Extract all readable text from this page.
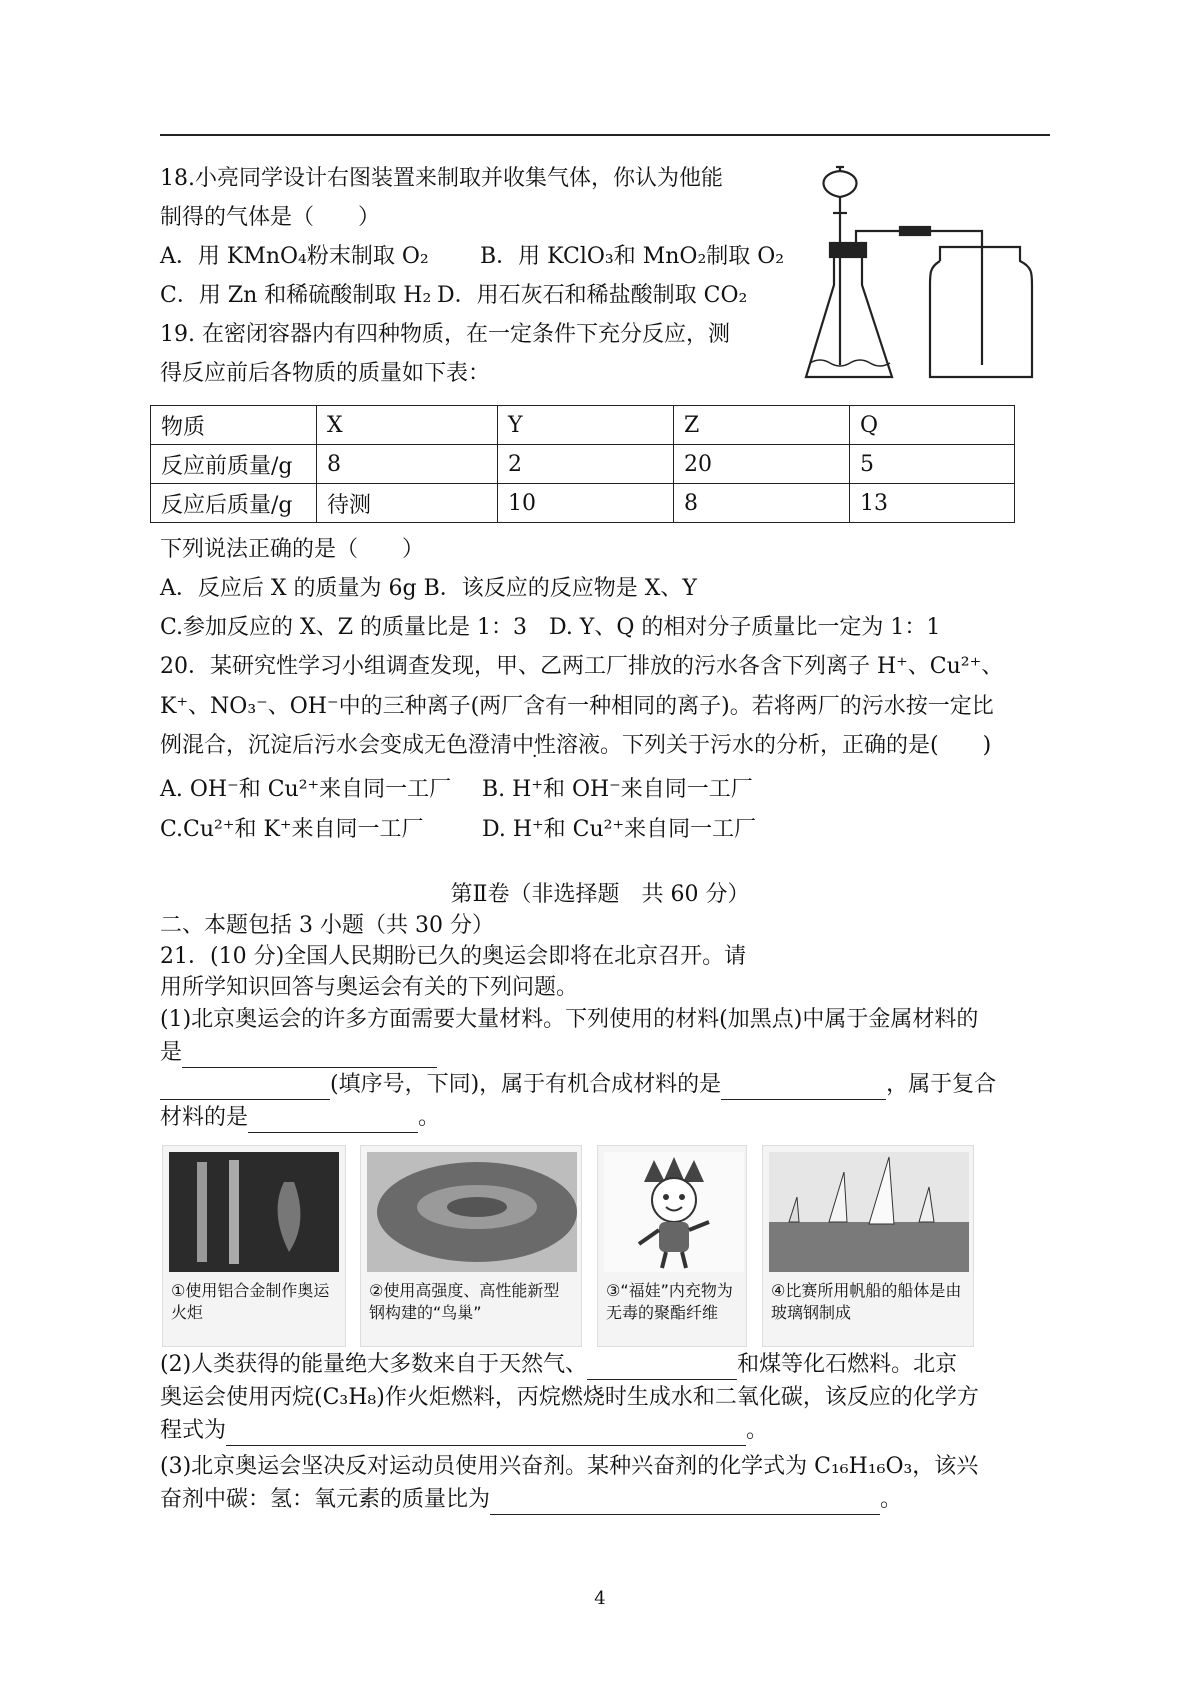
18.小亮同学设计右图装置来制取并收集气体，你认为他能
制得的气体是（　　）
A．用 KMnO₄粉末制取 O₂ B．用 KClO₃和 MnO₂制取 O₂
C．用 Zn 和稀硫酸制取 H₂ D．用石灰石和稀盐酸制取 CO₂
19. 在密闭容器内有四种物质，在一定条件下充分反应，测
得反应前后各物质的质量如下表：
物质	X	Y	Z	Q
反应前质量/g	8	2	20	5
反应后质量/g	待测	10	8	13
下列说法正确的是（　　）
A．反应后 X 的质量为 6g B．该反应的反应物是 X、Y
C.参加反应的 X、Z 的质量比是 1：3　D. Y、Q 的相对分子质量比一定为 1：1
20．某研究性学习小组调查发现，甲、乙两工厂排放的污水各含下列离子 H⁺、Cu²⁺、
K⁺、NO₃⁻、OH⁻中的三种离子(两厂含有一种相同的离子)。若将两厂的污水按一定比
例混合，沉淀后污水会变成无色澄清中性溶液。下列关于污水的分析，正确的是(　　)
A. OH⁻和 Cu²⁺来自同一工厂 B. H⁺和 OH⁻来自同一工厂
C.Cu²⁺和 K⁺来自同一工厂	D. H⁺和 Cu²⁺来自同一工厂
第Ⅱ卷（非选择题　共 60 分）
二、本题包括 3 小题（共 30 分）
21．(10 分)全国人民期盼已久的奥运会即将在北京召开。请
用所学知识回答与奥运会有关的下列问题。
(1)北京奥运会的许多方面需要大量材料。下列使用的材料(加黑点)中属于金属材料的
是
(填序号，下同)，属于有机合成材料的是	，属于复合
材料的是	。
①使用铝合金制作奥运火炬
②使用高强度、高性能新型钢构建的“鸟巢”
③“福娃”内充物为无毒的聚酯纤维
④比赛所用帆船的船体是由玻璃钢制成
(2)人类获得的能量绝大多数来自于天然气、	和煤等化石燃料。北京
奥运会使用丙烷(C₃H₈)作火炬燃料，丙烷燃烧时生成水和二氧化碳，该反应的化学方
程式为	。
(3)北京奥运会坚决反对运动员使用兴奋剂。某种兴奋剂的化学式为 C₁₆H₁₆O₃，该兴
奋剂中碳：氢：氧元素的质量比为	。
4
